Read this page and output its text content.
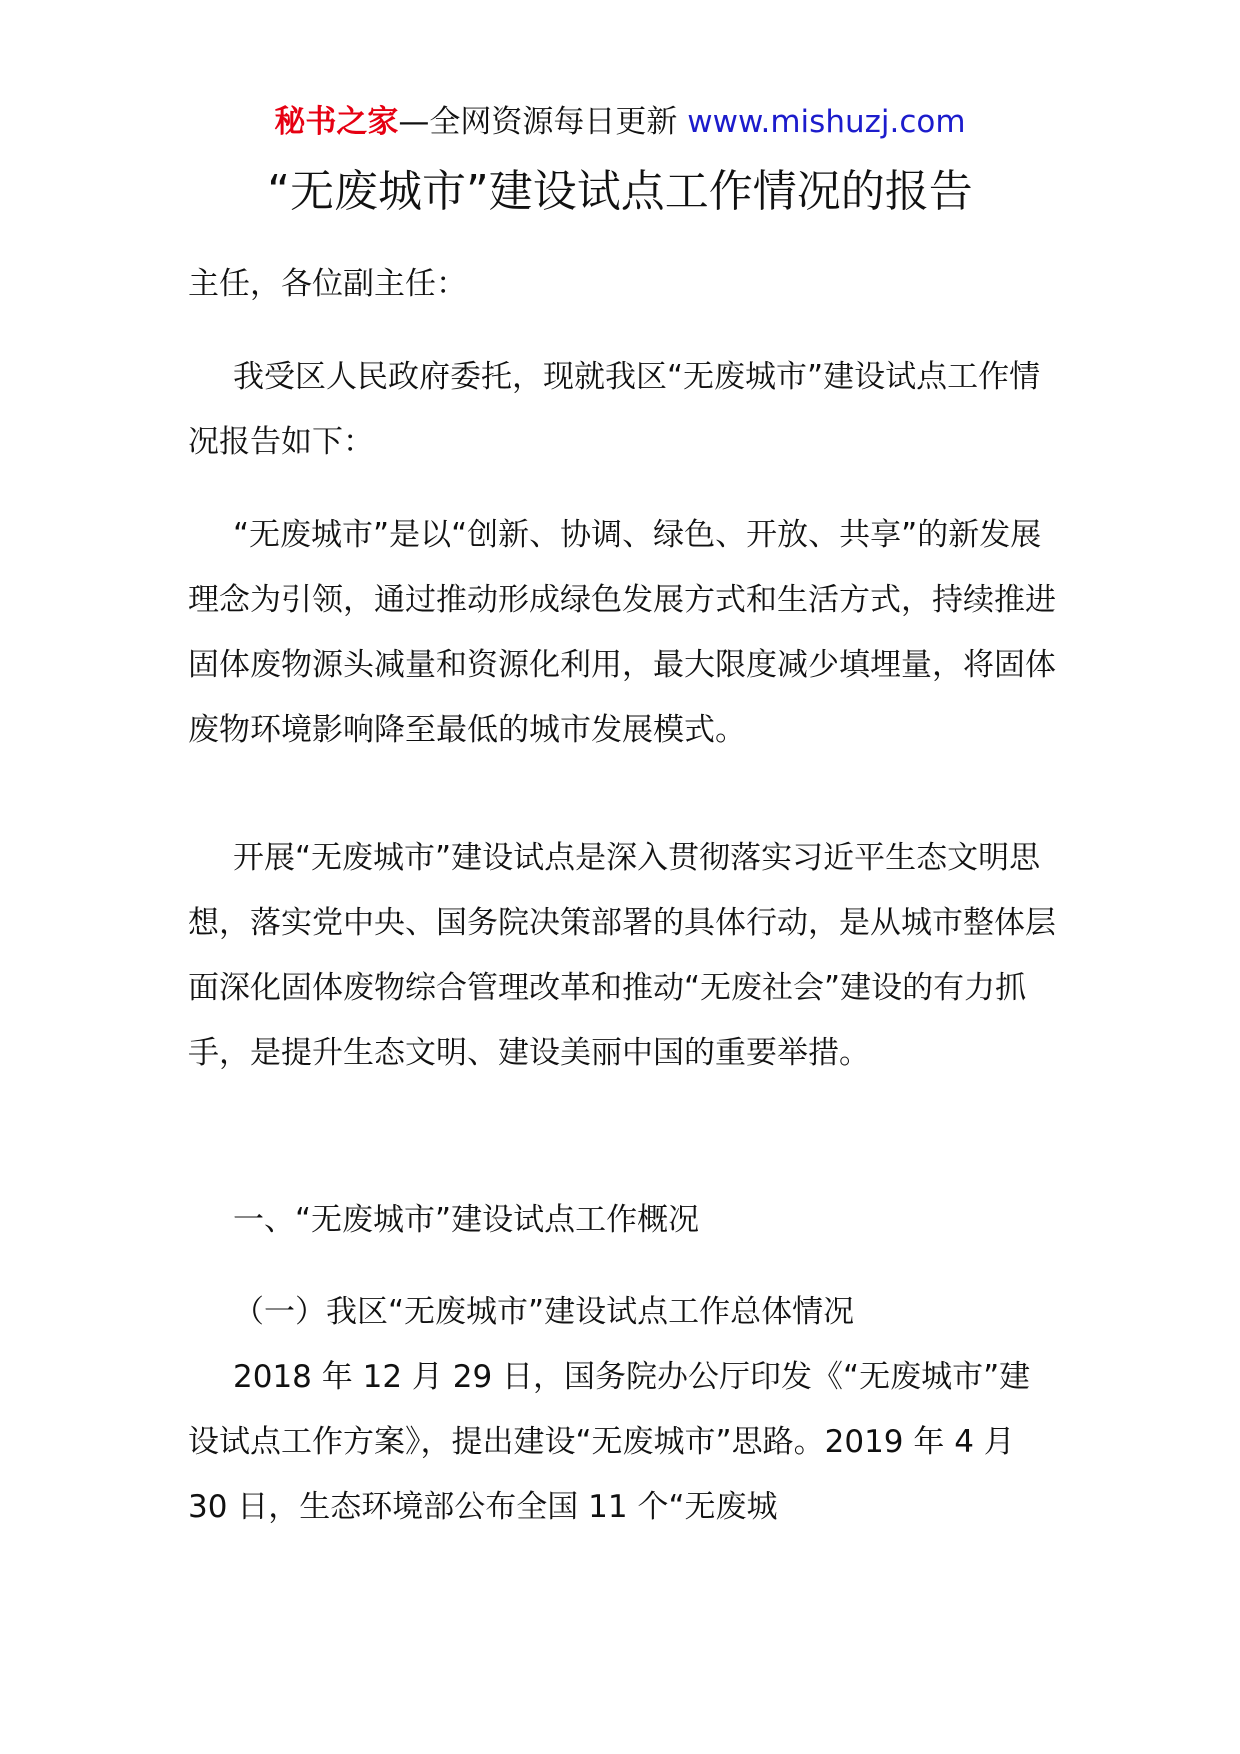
秘书之家—全网资源每日更新 www.mishuzj.com
“无废城市”建设试点工作情况的报告

主任，各位副主任：

我受区人民政府委托，现就我区“无废城市”建设试点工作情况报告如下：

“无废城市”是以“创新、协调、绿色、开放、共享”的新发展理念为引领，通过推动形成绿色发展方式和生活方式，持续推进固体废物源头减量和资源化利用，最大限度减少填埋量，将固体废物环境影响降至最低的城市发展模式。

开展“无废城市”建设试点是深入贯彻落实习近平生态文明思想，落实党中央、国务院决策部署的具体行动，是从城市整体层面深化固体废物综合管理改革和推动“无废社会”建设的有力抓手，是提升生态文明、建设美丽中国的重要举措。

一、“无废城市”建设试点工作概况

（一）我区“无废城市”建设试点工作总体情况

2018 年 12 月 29 日，国务院办公厅印发《“无废城市”建设试点工作方案》，提出建设“无废城市”思路。2019 年 4 月 30 日，生态环境部公布全国 11 个“无废城
